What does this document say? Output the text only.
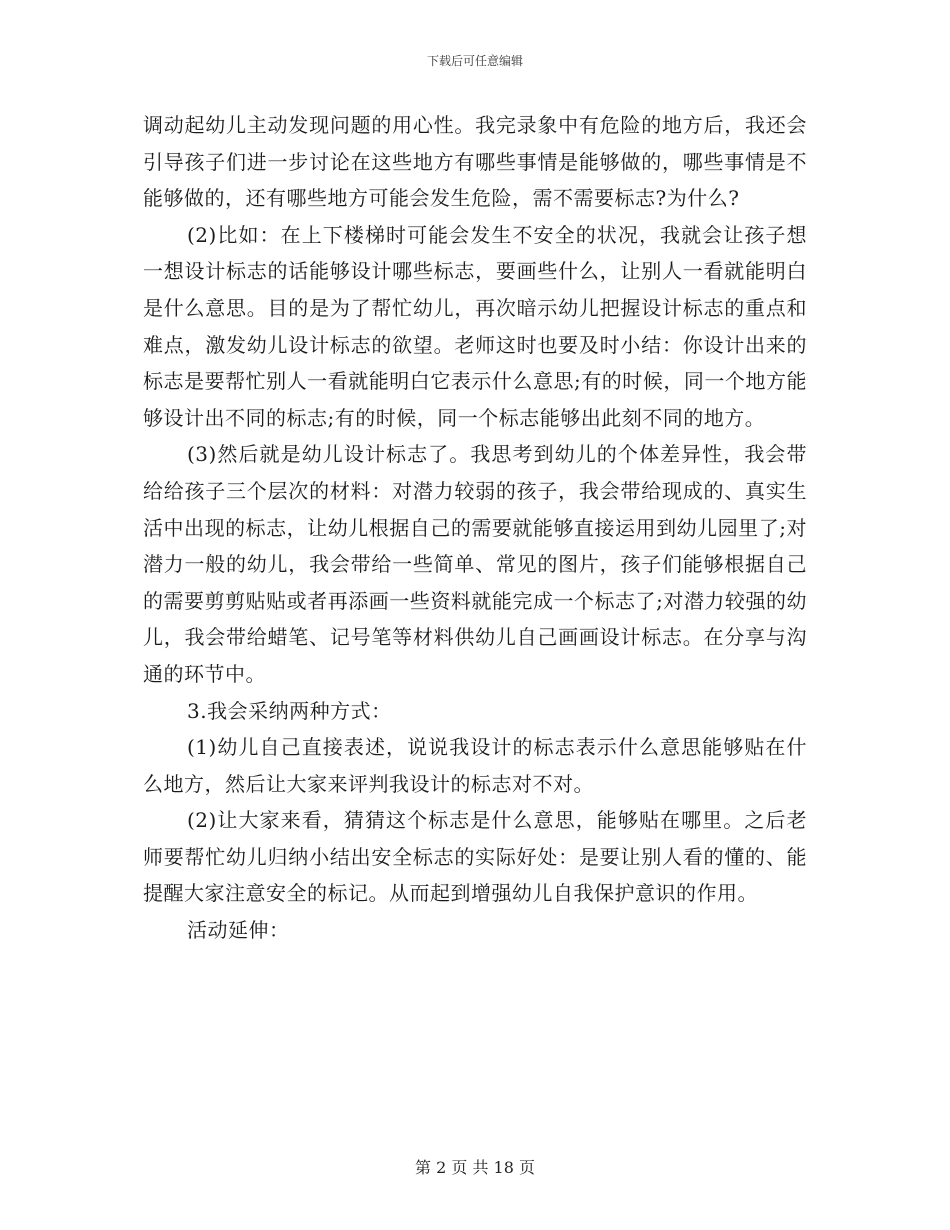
下载后可任意编辑

调动起幼儿主动发现问题的用心性。我完录象中有危险的地方后，我还会引导孩子们进一步讨论在这些地方有哪些事情是能够做的，哪些事情是不能够做的，还有哪些地方可能会发生危险，需不需要标志?为什么?

(2)比如：在上下楼梯时可能会发生不安全的状况，我就会让孩子想一想设计标志的话能够设计哪些标志，要画些什么，让别人一看就能明白是什么意思。目的是为了帮忙幼儿，再次暗示幼儿把握设计标志的重点和难点，激发幼儿设计标志的欲望。老师这时也要及时小结：你设计出来的标志是要帮忙别人一看就能明白它表示什么意思;有的时候，同一个地方能够设计出不同的标志;有的时候，同一个标志能够出此刻不同的地方。

(3)然后就是幼儿设计标志了。我思考到幼儿的个体差异性，我会带给给孩子三个层次的材料：对潜力较弱的孩子，我会带给现成的、真实生活中出现的标志，让幼儿根据自己的需要就能够直接运用到幼儿园里了;对潜力一般的幼儿，我会带给一些简单、常见的图片，孩子们能够根据自己的需要剪剪贴贴或者再添画一些资料就能完成一个标志了;对潜力较强的幼儿，我会带给蜡笔、记号笔等材料供幼儿自己画画设计标志。在分享与沟通的环节中。

3.我会采纳两种方式：

(1)幼儿自己直接表述，说说我设计的标志表示什么意思能够贴在什么地方，然后让大家来评判我设计的标志对不对。

(2)让大家来看，猜猜这个标志是什么意思，能够贴在哪里。之后老师要帮忙幼儿归纳小结出安全标志的实际好处：是要让别人看的懂的、能提醒大家注意安全的标记。从而起到增强幼儿自我保护意识的作用。

活动延伸：

第 2 页 共 18 页
